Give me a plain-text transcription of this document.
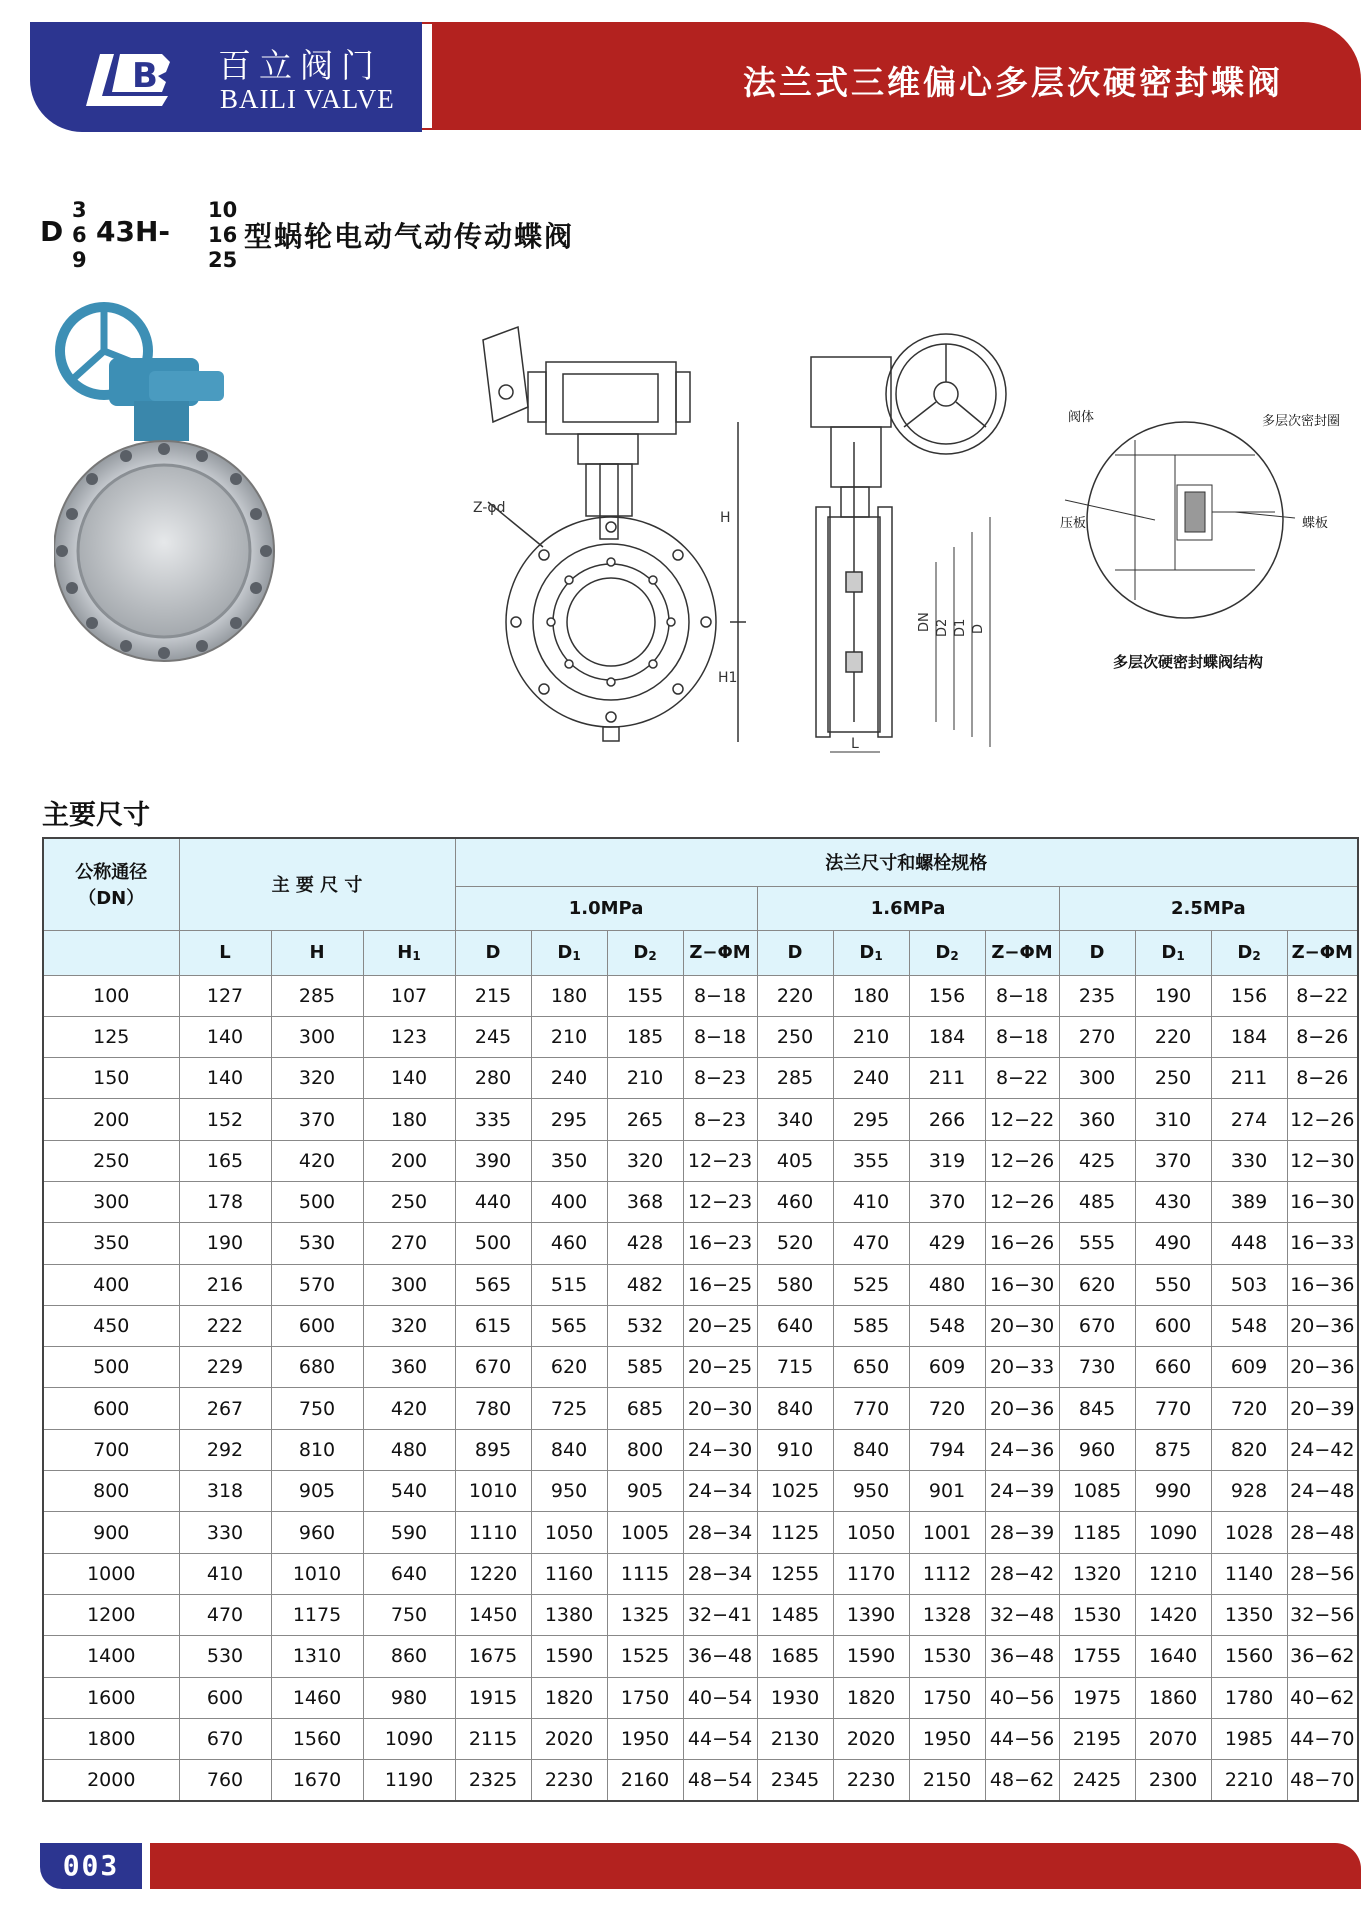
B 百立阀门
BAILI VALVE	法兰式三维偏心多层次硬密封蝶阀
D
3
6
9
43H-
10
16
25
型蜗轮电动气动传动蝶阀
Z-φd
H
H1
DN D2 D1 D
L
阀体	多层次密封圈
压板	蝶板
多层次硬密封蝶阀结构
主要尺寸
公称通径
（DN）	主 要 尺 寸			法兰尺寸和螺栓规格											
				1.0MPa				1.6MPa				2.5MPa			
	L	H	$H_1$	D	$D_1$	$D_2$	Z−ΦM	D	$D_1$	$D_2$	Z−ΦM	D	$D_1$	$D_2$	Z−ΦM
100	127	285	107	215	180	155	8−18	220	180	156	8−18	235	190	156	8−22
125	140	300	123	245	210	185	8−18	250	210	184	8−18	270	220	184	8−26
150	140	320	140	280	240	210	8−23	285	240	211	8−22	300	250	211	8−26
200	152	370	180	335	295	265	8−23	340	295	266	12−22	360	310	274	12−26
250	165	420	200	390	350	320	12−23	405	355	319	12−26	425	370	330	12−30
300	178	500	250	440	400	368	12−23	460	410	370	12−26	485	430	389	16−30
350	190	530	270	500	460	428	16−23	520	470	429	16−26	555	490	448	16−33
400	216	570	300	565	515	482	16−25	580	525	480	16−30	620	550	503	16−36
450	222	600	320	615	565	532	20−25	640	585	548	20−30	670	600	548	20−36
500	229	680	360	670	620	585	20−25	715	650	609	20−33	730	660	609	20−36
600	267	750	420	780	725	685	20−30	840	770	720	20−36	845	770	720	20−39
700	292	810	480	895	840	800	24−30	910	840	794	24−36	960	875	820	24−42
800	318	905	540	1010	950	905	24−34	1025	950	901	24−39	1085	990	928	24−48
900	330	960	590	1110	1050	1005	28−34	1125	1050	1001	28−39	1185	1090	1028	28−48
1000	410	1010	640	1220	1160	1115	28−34	1255	1170	1112	28−42	1320	1210	1140	28−56
1200	470	1175	750	1450	1380	1325	32−41	1485	1390	1328	32−48	1530	1420	1350	32−56
1400	530	1310	860	1675	1590	1525	36−48	1685	1590	1530	36−48	1755	1640	1560	36−62
1600	600	1460	980	1915	1820	1750	40−54	1930	1820	1750	40−56	1975	1860	1780	40−62
1800	670	1560	1090	2115	2020	1950	44−54	2130	2020	1950	44−56	2195	2070	1985	44−70
2000	760	1670	1190	2325	2230	2160	48−54	2345	2230	2150	48−62	2425	2300	2210	48−70
003
